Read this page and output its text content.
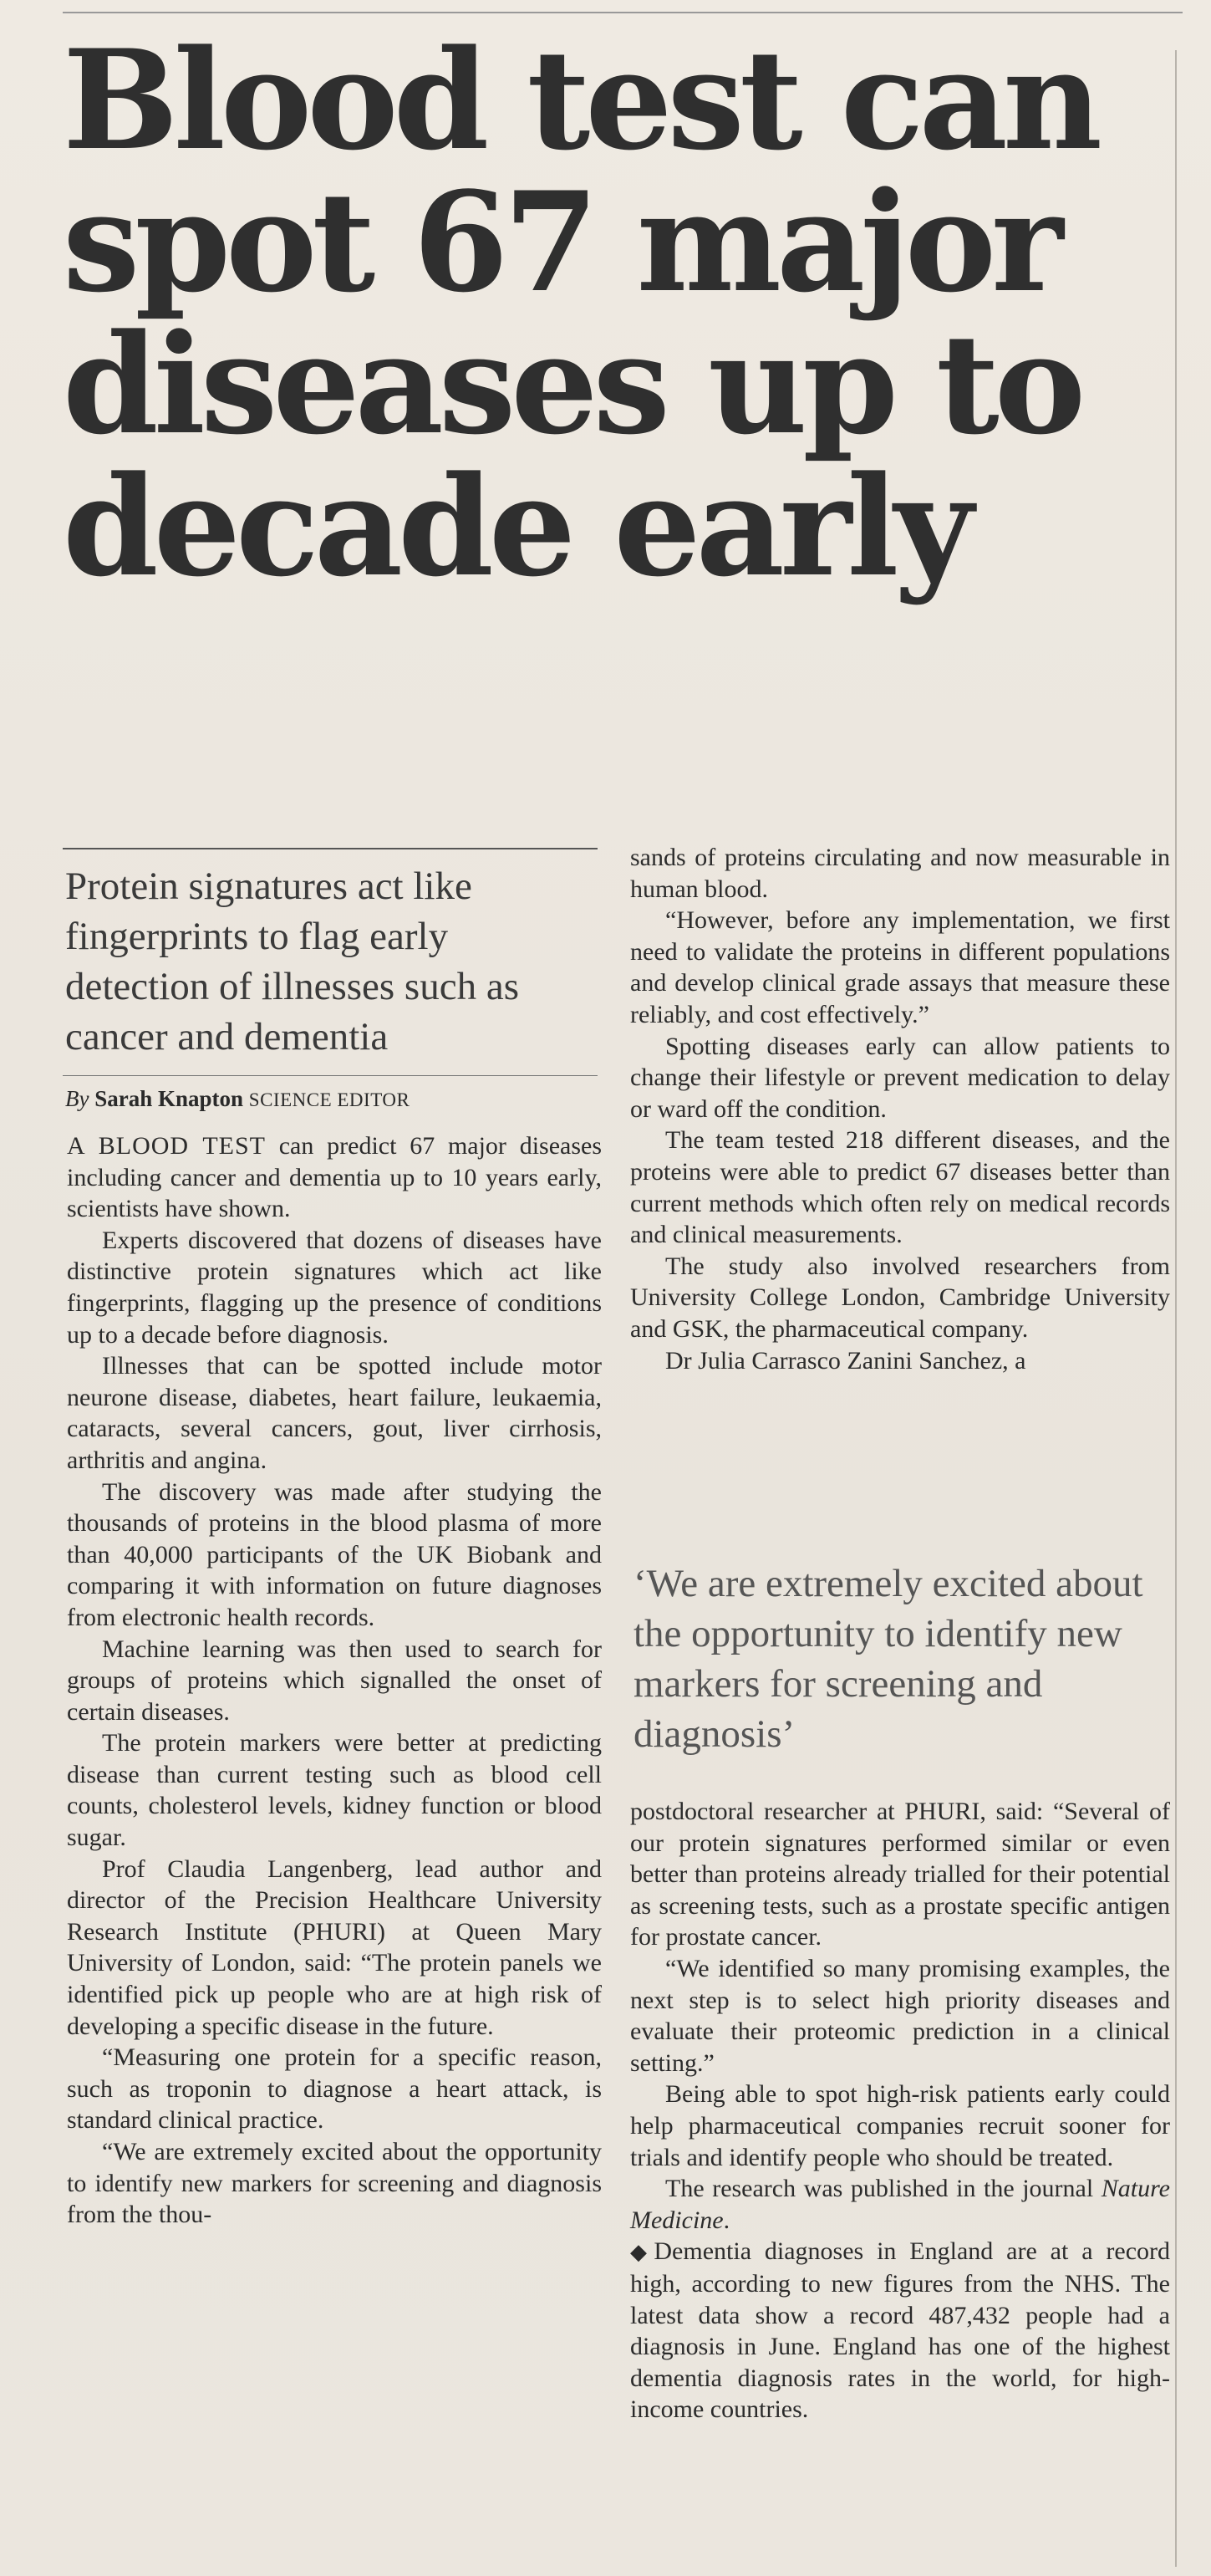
Blood test can
spot 67 major
diseases up to
decade early

Protein signatures act like fingerprints to flag early detection of illnesses such as cancer and dementia

By Sarah Knapton SCIENCE EDITOR

A BLOOD TEST can predict 67 major diseases including cancer and dementia up to 10 years early, scientists have shown.

Experts discovered that dozens of diseases have distinctive protein signatures which act like fingerprints, flagging up the presence of conditions up to a decade before diagnosis.

Illnesses that can be spotted include motor neurone disease, diabetes, heart failure, leukaemia, cataracts, several cancers, gout, liver cirrhosis, arthritis and angina.

The discovery was made after studying the thousands of proteins in the blood plasma of more than 40,000 participants of the UK Biobank and comparing it with information on future diagnoses from electronic health records.

Machine learning was then used to search for groups of proteins which signalled the onset of certain diseases.

The protein markers were better at predicting disease than current testing such as blood cell counts, cholesterol levels, kidney function or blood sugar.

Prof Claudia Langenberg, lead author and director of the Precision Healthcare University Research Institute (PHURI) at Queen Mary University of London, said: “The protein panels we identified pick up people who are at high risk of developing a specific disease in the future.

“Measuring one protein for a specific reason, such as troponin to diagnose a heart attack, is standard clinical practice.

“We are extremely excited about the opportunity to identify new markers for screening and diagnosis from the thou-

sands of proteins circulating and now measurable in human blood.

“However, before any implementation, we first need to validate the proteins in different populations and develop clinical grade assays that measure these reliably, and cost effectively.”

Spotting diseases early can allow patients to change their lifestyle or prevent medication to delay or ward off the condition.

The team tested 218 different diseases, and the proteins were able to predict 67 diseases better than current methods which often rely on medical records and clinical measurements.

The study also involved researchers from University College London, Cambridge University and GSK, the pharmaceutical company.

Dr Julia Carrasco Zanini Sanchez, a

‘We are extremely excited about the opportunity to identify new markers for screening and diagnosis’

postdoctoral researcher at PHURI, said: “Several of our protein signatures performed similar or even better than proteins already trialled for their potential as screening tests, such as a prostate specific antigen for prostate cancer.

“We identified so many promising examples, the next step is to select high priority diseases and evaluate their proteomic prediction in a clinical setting.”

Being able to spot high-risk patients early could help pharmaceutical companies recruit sooner for trials and identify people who should be treated.

The research was published in the journal Nature Medicine.

◆Dementia diagnoses in England are at a record high, according to new figures from the NHS. The latest data show a record 487,432 people had a diagnosis in June. England has one of the highest dementia diagnosis rates in the world, for high-income countries.
